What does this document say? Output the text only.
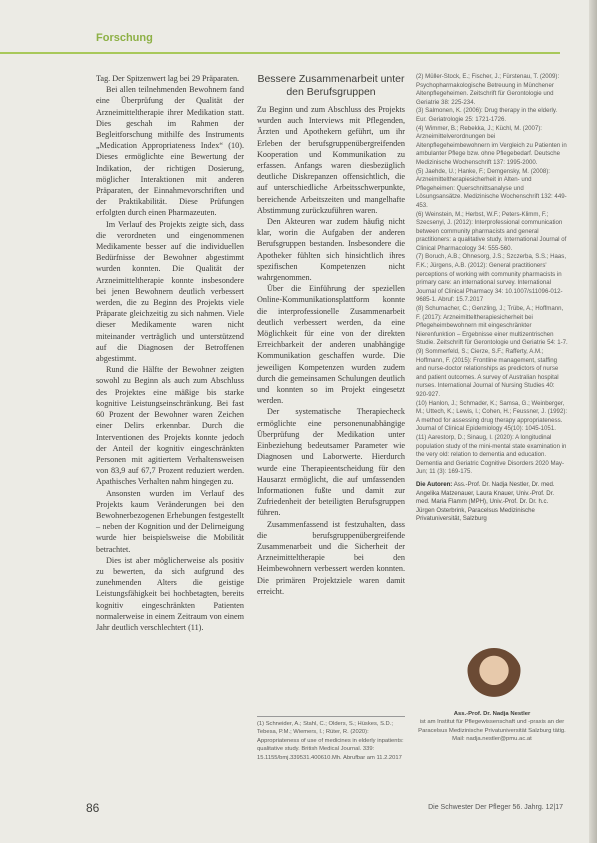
Forschung

Tag. Der Spitzenwert lag bei 29 Präparaten.

Bei allen teilnehmenden Bewohnern fand eine Überprüfung der Qualität der Arzneimitteltherapie ihrer Medikation statt. Dies geschah im Rahmen der Begleitforschung mithilfe des Instruments „Medication Appropriateness Index“ (10). Dieses ermöglichte eine Bewertung der Indikation, der richtigen Dosierung, möglicher Interaktionen mit anderen Präparaten, der Einnahmevorschriften und der Praktikabilität. Diese Prüfungen erfolgten durch einen Pharmazeuten.

Im Verlauf des Projekts zeigte sich, dass die verordneten und eingenommenen Medikamente besser auf die individuellen Bedürfnisse der Bewohner abgestimmt wurden konnten. Die Qualität der Arzneimitteltherapie konnte insbesondere bei jenen Bewohnern deutlich verbessert werden, die zu Beginn des Projekts viele Präparate gleichzeitig zu sich nahmen. Viele dieser Medikamente waren nicht miteinander verträglich und unterstützend auf die Diagnosen der Betroffenen abgestimmt.

Rund die Hälfte der Bewohner zeigten sowohl zu Beginn als auch zum Abschluss des Projektes eine mäßige bis starke kognitive Leistungseinschränkung. Bei fast 60 Prozent der Bewohner waren Zeichen einer Delirs erkennbar. Durch die Interventionen des Projekts konnte jedoch der Anteil der kognitiv eingeschränkten Personen mit agitiertem Verhaltensweisen von 83,9 auf 67,7 Prozent reduziert werden. Apathisches Verhalten nahm hingegen zu.

Ansonsten wurden im Verlauf des Projekts kaum Veränderungen bei den Bewohnerbezogenen Erhebungen festgestellt – neben der Kognition und der Delirneigung wurde hier beispielsweise die Mobilität betrachtet.

Dies ist aber möglicherweise als positiv zu bewerten, da sich aufgrund des zunehmenden Alters die geistige Leistungsfähigkeit bei hochbetagten, bereits kognitiv eingeschränkten Patienten normalerweise in einem Zeitraum von einem Jahr deutlich verschlechtert (11).

Bessere Zusammenarbeit unter den Berufsgruppen

Zu Beginn und zum Abschluss des Projekts wurden auch Interviews mit Pflegenden, Ärzten und Apothekern geführt, um ihr Erleben der berufsgruppenübergreifenden Kooperation und Kommunikation zu erfassen. Anfangs waren diesbezüglich deutliche Diskrepanzen offensichtlich, die auf unterschiedliche Arbeitsschwerpunkte, bereichende Arbeitszeiten und mangelhafte Abstimmung zurückzuführen waren.

Den Akteuren war zudem häufig nicht klar, worin die Aufgaben der anderen Berufsgruppen bestanden. Insbesondere die Apotheker fühlten sich hinsichtlich ihres spezifischen Kompetenzen nicht wahrgenommen.

Über die Einführung der speziellen Online-Kommunikationsplattform konnte die interprofessionelle Zusammenarbeit deutlich verbessert werden, da eine Möglichkeit für eine von der direkten Erreichbarkeit der anderen unabhängige Kommunikation geschaffen wurde. Die jeweiligen Kompetenzen wurden zudem durch die gemeinsamen Schulungen deutlich und konnten so im Projekt eingesetzt werden.

Der systematische Therapiecheck ermöglichte eine personenunabhängige Überprüfung der Medikation unter Einbeziehung bedeutsamer Parameter wie Diagnosen und Laborwerte. Hierdurch wurde eine Therapieentscheidung für den Hausarzt ermöglicht, die auf umfassenden Informationen fußte und damit zur Zufriedenheit der beteiligten Berufsgruppen führen.

Zusammenfassend ist festzuhalten, dass die berufsgruppenübergreifende Zusammenarbeit und die Sicherheit der Arzneimitteltherapie bei den Heimbewohnern verbessert werden konnten. Die primären Projektziele waren damit erreicht.

(1) Schneider, A.; Stahl, C.; Olders, S.; Hüskes, S.D.; Tebesa, P.M.; Wiemers, I.; Rüter, R. (2020): Appropriateness of use of medicines in elderly inpatients: qualitative study. British Medical Journal. 339: 15.1155/bmj.339531.400610.Mh. Abrufbar am 11.2.2017
(2) Müller-Stock, E.; Fischer, J.; Fürstenau, T. (2009): Psychopharmakologische Betreuung in Münchener Altenpflegeheimen. Zeitschrift für Gerontologie und Geriatrie 38: 225-234.
(3) Salmonen, K. (2006): Drug therapy in the elderly. Eur. Geriatrologie 25: 1721-1726.
(4) Wimmer, B.; Rebekka, J.; Küchl, M. (2007): Arzneimittelverordnungen bei Altenpflegeheimbewohnern im Vergleich zu Patienten in ambulanter Pflege bzw. ohne Pflegebedarf. Deutsche Medizinische Wochenschrift 137: 1995-2000.
(5) Jaehde, U.; Hanke, F.; Demgensky, M. (2008): Arzneimitteltherapiesicherheit in Alten- und Pflegeheimen: Querschnittsanalyse und Lösungsansätze. Medizinische Wochenschrift 132: 449-453.
(6) Weinstein, M.; Herbst, W.F.; Peters-Klimm, F.; Szecsenyi, J. (2012): Interprofessional communication between community pharmacists and general practitioners: a qualitative study. International Journal of Clinical Pharmacology 34: 555-560.
(7) Boruch, A.B.; Ohnesorg, J.S.; Szczerba, S.S.; Haas, F.K.; Jürgens, A.B. (2012): General practitioners' perceptions of working with community pharmacists in primary care: an international survey. International Journal of Clinical Pharmacy 34: 10.1007/s11096-012-9685-1. Abruf: 15.7.2017
(8) Schumacher, C.; Genzling, J.; Trübe, A.; Hoffmann, F. (2017): Arzneimitteltherapiesicherheit bei Pflegeheimbewohnern mit eingeschränkter Nierenfunktion – Ergebnisse einer multizentrischen Studie. Zeitschrift für Gerontologie und Geriatrie 54: 1-7.
(9) Sommerfeld, S.; Cierze, S.F.; Rafferty, A.M.; Hoffmann, F. (2015): Frontline management, staffing and nurse-doctor relationships as predictors of nurse and patient outcomes. A survey of Australian hospital nurses. International Journal of Nursing Studies 40: 920-927.
(10) Hanlon, J.; Schmader, K.; Samsa, G.; Weinberger, M.; Uttech, K.; Lewis, I.; Cohen, H.; Feussner, J. (1992): A method for assessing drug therapy appropriateness. Journal of Clinical Epidemiology 45(10): 1045-1051.
(11) Aarestorp, D.; Sinaug, I. (2020): A longitudinal population study of the mini-mental state examination in the very old: relation to dementia and education. Dementia and Geriatric Cognitive Disorders 2020 May-Jun; 11 (3): 169-175.
Die Autoren: Ass.-Prof. Dr. Nadja Nestler, Dr. med. Angelika Matzenauer, Laura Knauer, Univ.-Prof. Dr. med. Maria Flamm (MPH), Univ.-Prof. Dr. Dr. h.c. Jürgen Osterbrink, Paracelsus Medizinische Privatuniversität, Salzburg
Ass.-Prof. Dr. Nadja Nestler
ist am Institut für Pflegewissenschaft und -praxis an der Paracelsus Medizinische Privatuniversität Salzburg tätig. Mail: nadja.nestler@pmu.ac.at
86	Die Schwester Der Pfleger 56. Jahrg. 12|17
